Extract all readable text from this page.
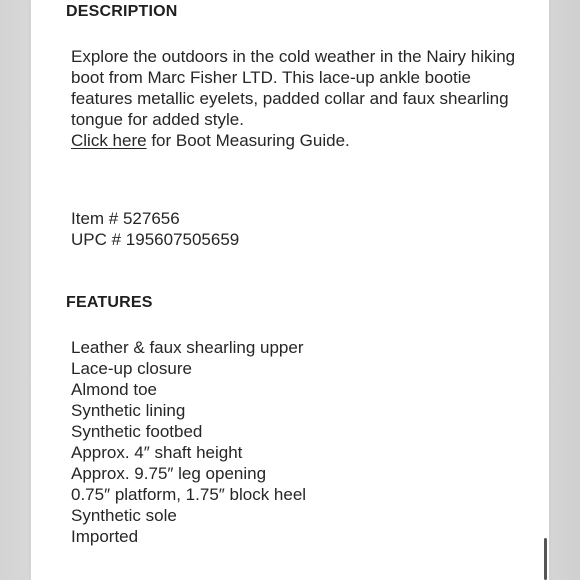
DESCRIPTION

Explore the outdoors in the cold weather in the Nairy hiking boot from Marc Fisher LTD. This lace-up ankle bootie features metallic eyelets, padded collar and faux shearling tongue for added style.

Click here for Boot Measuring Guide.
Item # 527656
UPC # 195607505659
FEATURES
Leather & faux shearling upper
Lace-up closure
Almond toe
Synthetic lining
Synthetic footbed
Approx. 4″ shaft height
Approx. 9.75″ leg opening
0.75″ platform, 1.75″ block heel
Synthetic sole
Imported
